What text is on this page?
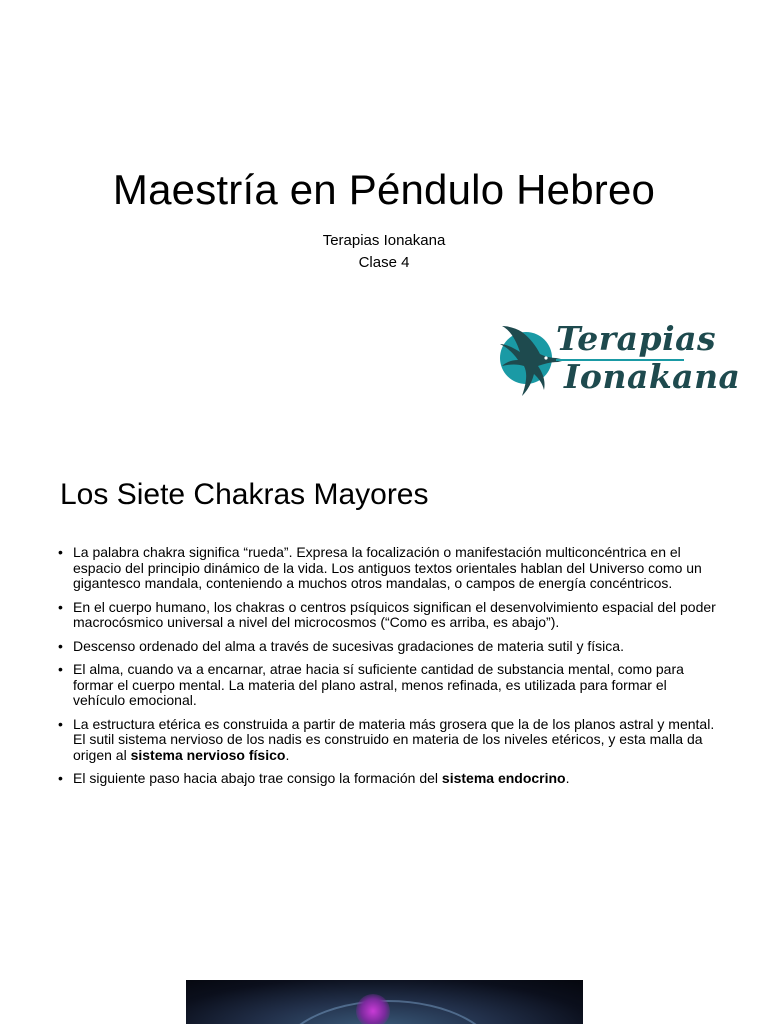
Maestría en Péndulo Hebreo
Terapias Ionakana
Clase 4
Terapias
Ionakana
Los Siete Chakras Mayores
• La palabra chakra significa “rueda”. Expresa la focalización o manifestación multiconcéntrica en el espacio del principio dinámico de la vida. Los antiguos textos orientales hablan del Universo como un gigantesco mandala, conteniendo a muchos otros mandalas, o campos de energía concéntricos.
• En el cuerpo humano, los chakras o centros psíquicos significan el desenvolvimiento espacial del poder macrocósmico universal a nivel del microcosmos (“Como es arriba, es abajo”).
• Descenso ordenado del alma a través de sucesivas gradaciones de materia sutil y física.
• El alma, cuando va a encarnar, atrae hacia sí suficiente cantidad de substancia mental, como para formar el cuerpo mental. La materia del plano astral, menos refinada, es utilizada para formar el vehículo emocional.
• La estructura etérica es construida a partir de materia más grosera que la de los planos astral y mental. El sutil sistema nervioso de los nadis es construido en materia de los niveles etéricos, y esta malla da origen al sistema nervioso físico.
• El siguiente paso hacia abajo trae consigo la formación del sistema endocrino.
